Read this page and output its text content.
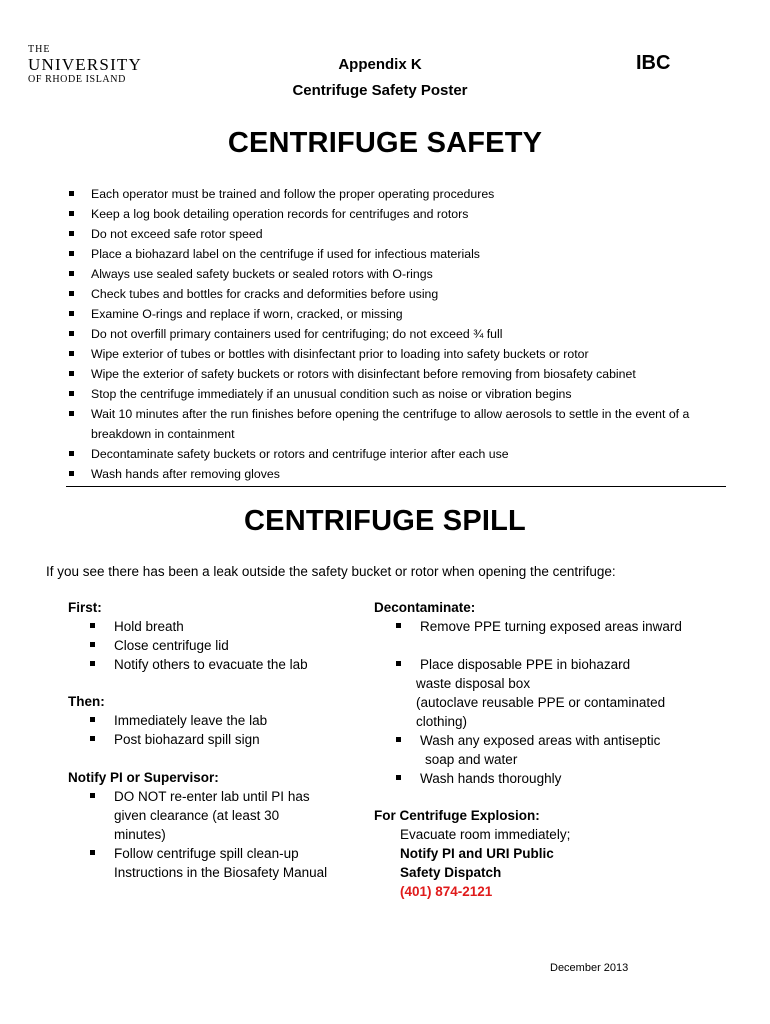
THE
UNIVERSITY
OF RHODE ISLAND
Appendix K
Centrifuge Safety Poster
IBC
CENTRIFUGE SAFETY
Each operator must be trained and follow the proper operating procedures
Keep a log book detailing operation records for centrifuges and rotors
Do not exceed safe rotor speed
Place a biohazard label on the centrifuge if used for infectious materials
Always use sealed safety buckets or sealed rotors with O-rings
Check tubes and bottles for cracks and deformities before using
Examine O-rings and replace if worn, cracked, or missing
Do not overfill primary containers used for centrifuging; do not exceed ¾ full
Wipe exterior of tubes or bottles with disinfectant prior to loading into safety buckets or rotor
Wipe the exterior of safety buckets or rotors with disinfectant before removing from biosafety cabinet
Stop the centrifuge immediately if an unusual condition such as noise or vibration begins
Wait 10 minutes after the run finishes before opening the centrifuge to allow aerosols to settle in the event of a breakdown in containment
Decontaminate safety buckets or rotors and centrifuge interior after each use
Wash hands after removing gloves
CENTRIFUGE SPILL
If you see there has been a leak outside the safety bucket or rotor when opening the centrifuge:
First:
Hold breath
Close centrifuge lid
Notify others to evacuate the lab
Then:
Immediately leave the lab
Post biohazard spill sign
Notify PI or Supervisor:
DO NOT re-enter lab until PI has
given clearance (at least 30
minutes)
Follow centrifuge spill clean-up
Instructions in the Biosafety Manual
Decontaminate:
Remove PPE turning exposed areas inward
Place disposable PPE in biohazard
waste disposal box
(autoclave reusable PPE or contaminated
clothing)
Wash any exposed areas with antiseptic
soap and water
Wash hands thoroughly
For Centrifuge Explosion:
Evacuate room immediately;
Notify PI and URI Public
Safety Dispatch
(401) 874-2121
December 2013
